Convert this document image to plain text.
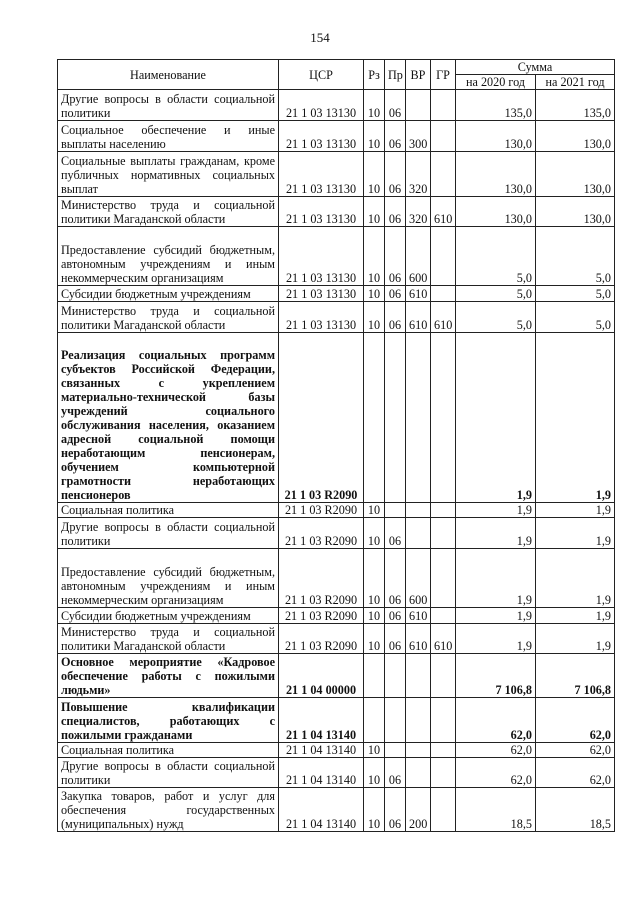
154
Наименование	ЦСР	Рз	Пр	ВР	ГР	Сумма	
						на 2020 год	на 2021 год
Другие вопросы в области социальной политики	21 1 03 13130	10	06			135,0	135,0
Социальное обеспечение и иные выплаты населению	21 1 03 13130	10	06	300		130,0	130,0
Социальные выплаты гражданам, кроме публичных нормативных социальных выплат	21 1 03 13130	10	06	320		130,0	130,0
Министерство труда и социальной политики Магаданской области	21 1 03 13130	10	06	320	610	130,0	130,0
Предоставление субсидий бюджетным, автономным учреждениям и иным некоммерческим организациям	21 1 03 13130	10	06	600		5,0	5,0
Субсидии бюджетным учреждениям	21 1 03 13130	10	06	610		5,0	5,0
Министерство труда и социальной политики Магаданской области	21 1 03 13130	10	06	610	610	5,0	5,0
Реализация социальных программ субъектов Российской Федерации, связанных с укреплением материально-технической базы учреждений социального обслуживания населения, оказанием адресной социальной помощи неработающим пенсионерам, обучением компьютерной грамотности неработающих пенсионеров	21 1 03 R2090					1,9	1,9
Социальная политика	21 1 03 R2090	10				1,9	1,9
Другие вопросы в области социальной политики	21 1 03 R2090	10	06			1,9	1,9
Предоставление субсидий бюджетным, автономным учреждениям и иным некоммерческим организациям	21 1 03 R2090	10	06	600		1,9	1,9
Субсидии бюджетным учреждениям	21 1 03 R2090	10	06	610		1,9	1,9
Министерство труда и социальной политики Магаданской области	21 1 03 R2090	10	06	610	610	1,9	1,9
Основное мероприятие «Кадровое обеспечение работы с пожилыми людьми»	21 1 04 00000					7 106,8	7 106,8
Повышение квалификации специалистов, работающих с пожилыми гражданами	21 1 04 13140					62,0	62,0
Социальная политика	21 1 04 13140	10				62,0	62,0
Другие вопросы в области социальной политики	21 1 04 13140	10	06			62,0	62,0
Закупка товаров, работ и услуг для обеспечения государственных (муниципальных) нужд	21 1 04 13140	10	06	200		18,5	18,5
